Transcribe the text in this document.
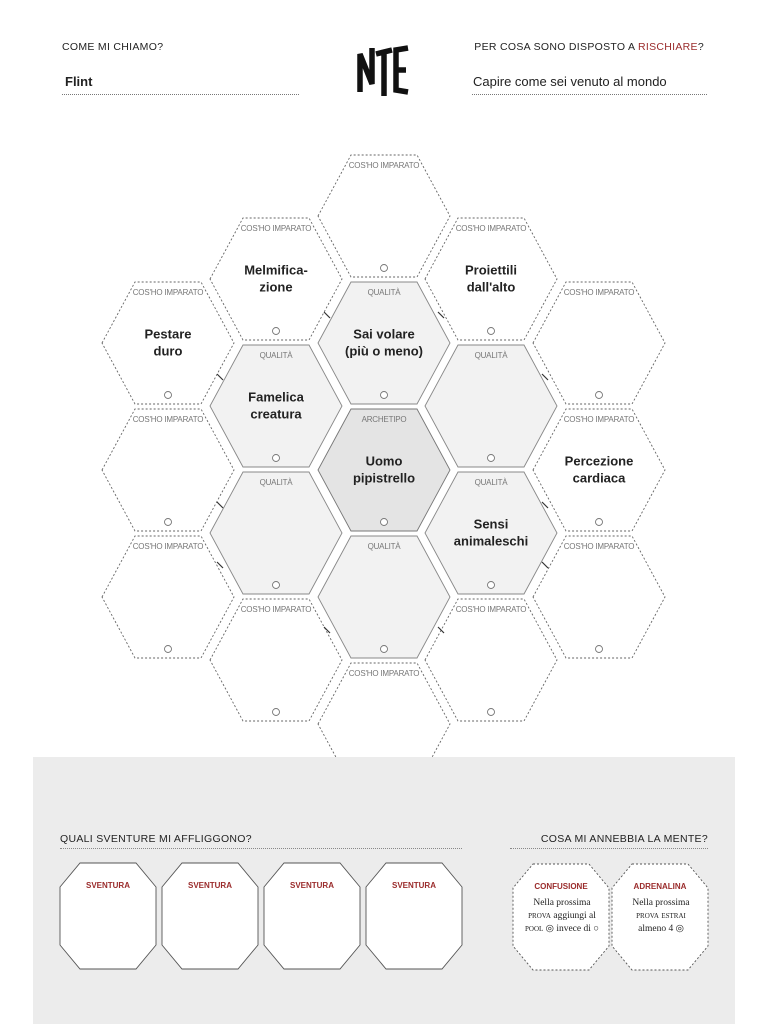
COME MI CHIAMO?
Flint
PER COSA SONO DISPOSTO A RISCHIARE?
Capire come sei venuto al mondo
COS'HO IMPARATO
COS'HO IMPARATO
Melmifica-
zione
COS'HO IMPARATO
Proiettili
dall'alto
COS'HO IMPARATO
Pestare
duro
QUALITÀ
Sai volare
(più o meno)
COS'HO IMPARATO
QUALITÀ
Famelica
creatura
QUALITÀ
COS'HO IMPARATO	ARCHETIPO
Uomo
pipistrello
COS'HO IMPARATO
Percezione
cardiaca
QUALITÀ	QUALITÀ
Sensi
animaleschi
COS'HO IMPARATO	QUALITÀ	COS'HO IMPARATO
COS'HO IMPARATO	COS'HO IMPARATO
COS'HO IMPARATO
QUALI SVENTURE MI AFFLIGGONO?	COSA MI ANNEBBIA LA MENTE?
SVENTURA	SVENTURA	SVENTURA	SVENTURA	CONFUSIONE	ADRENALINA
Nella prossima
prova aggiungi al
pool ◎ invece di ○
Nella prossima
prova estrai
almeno 4 ◎
